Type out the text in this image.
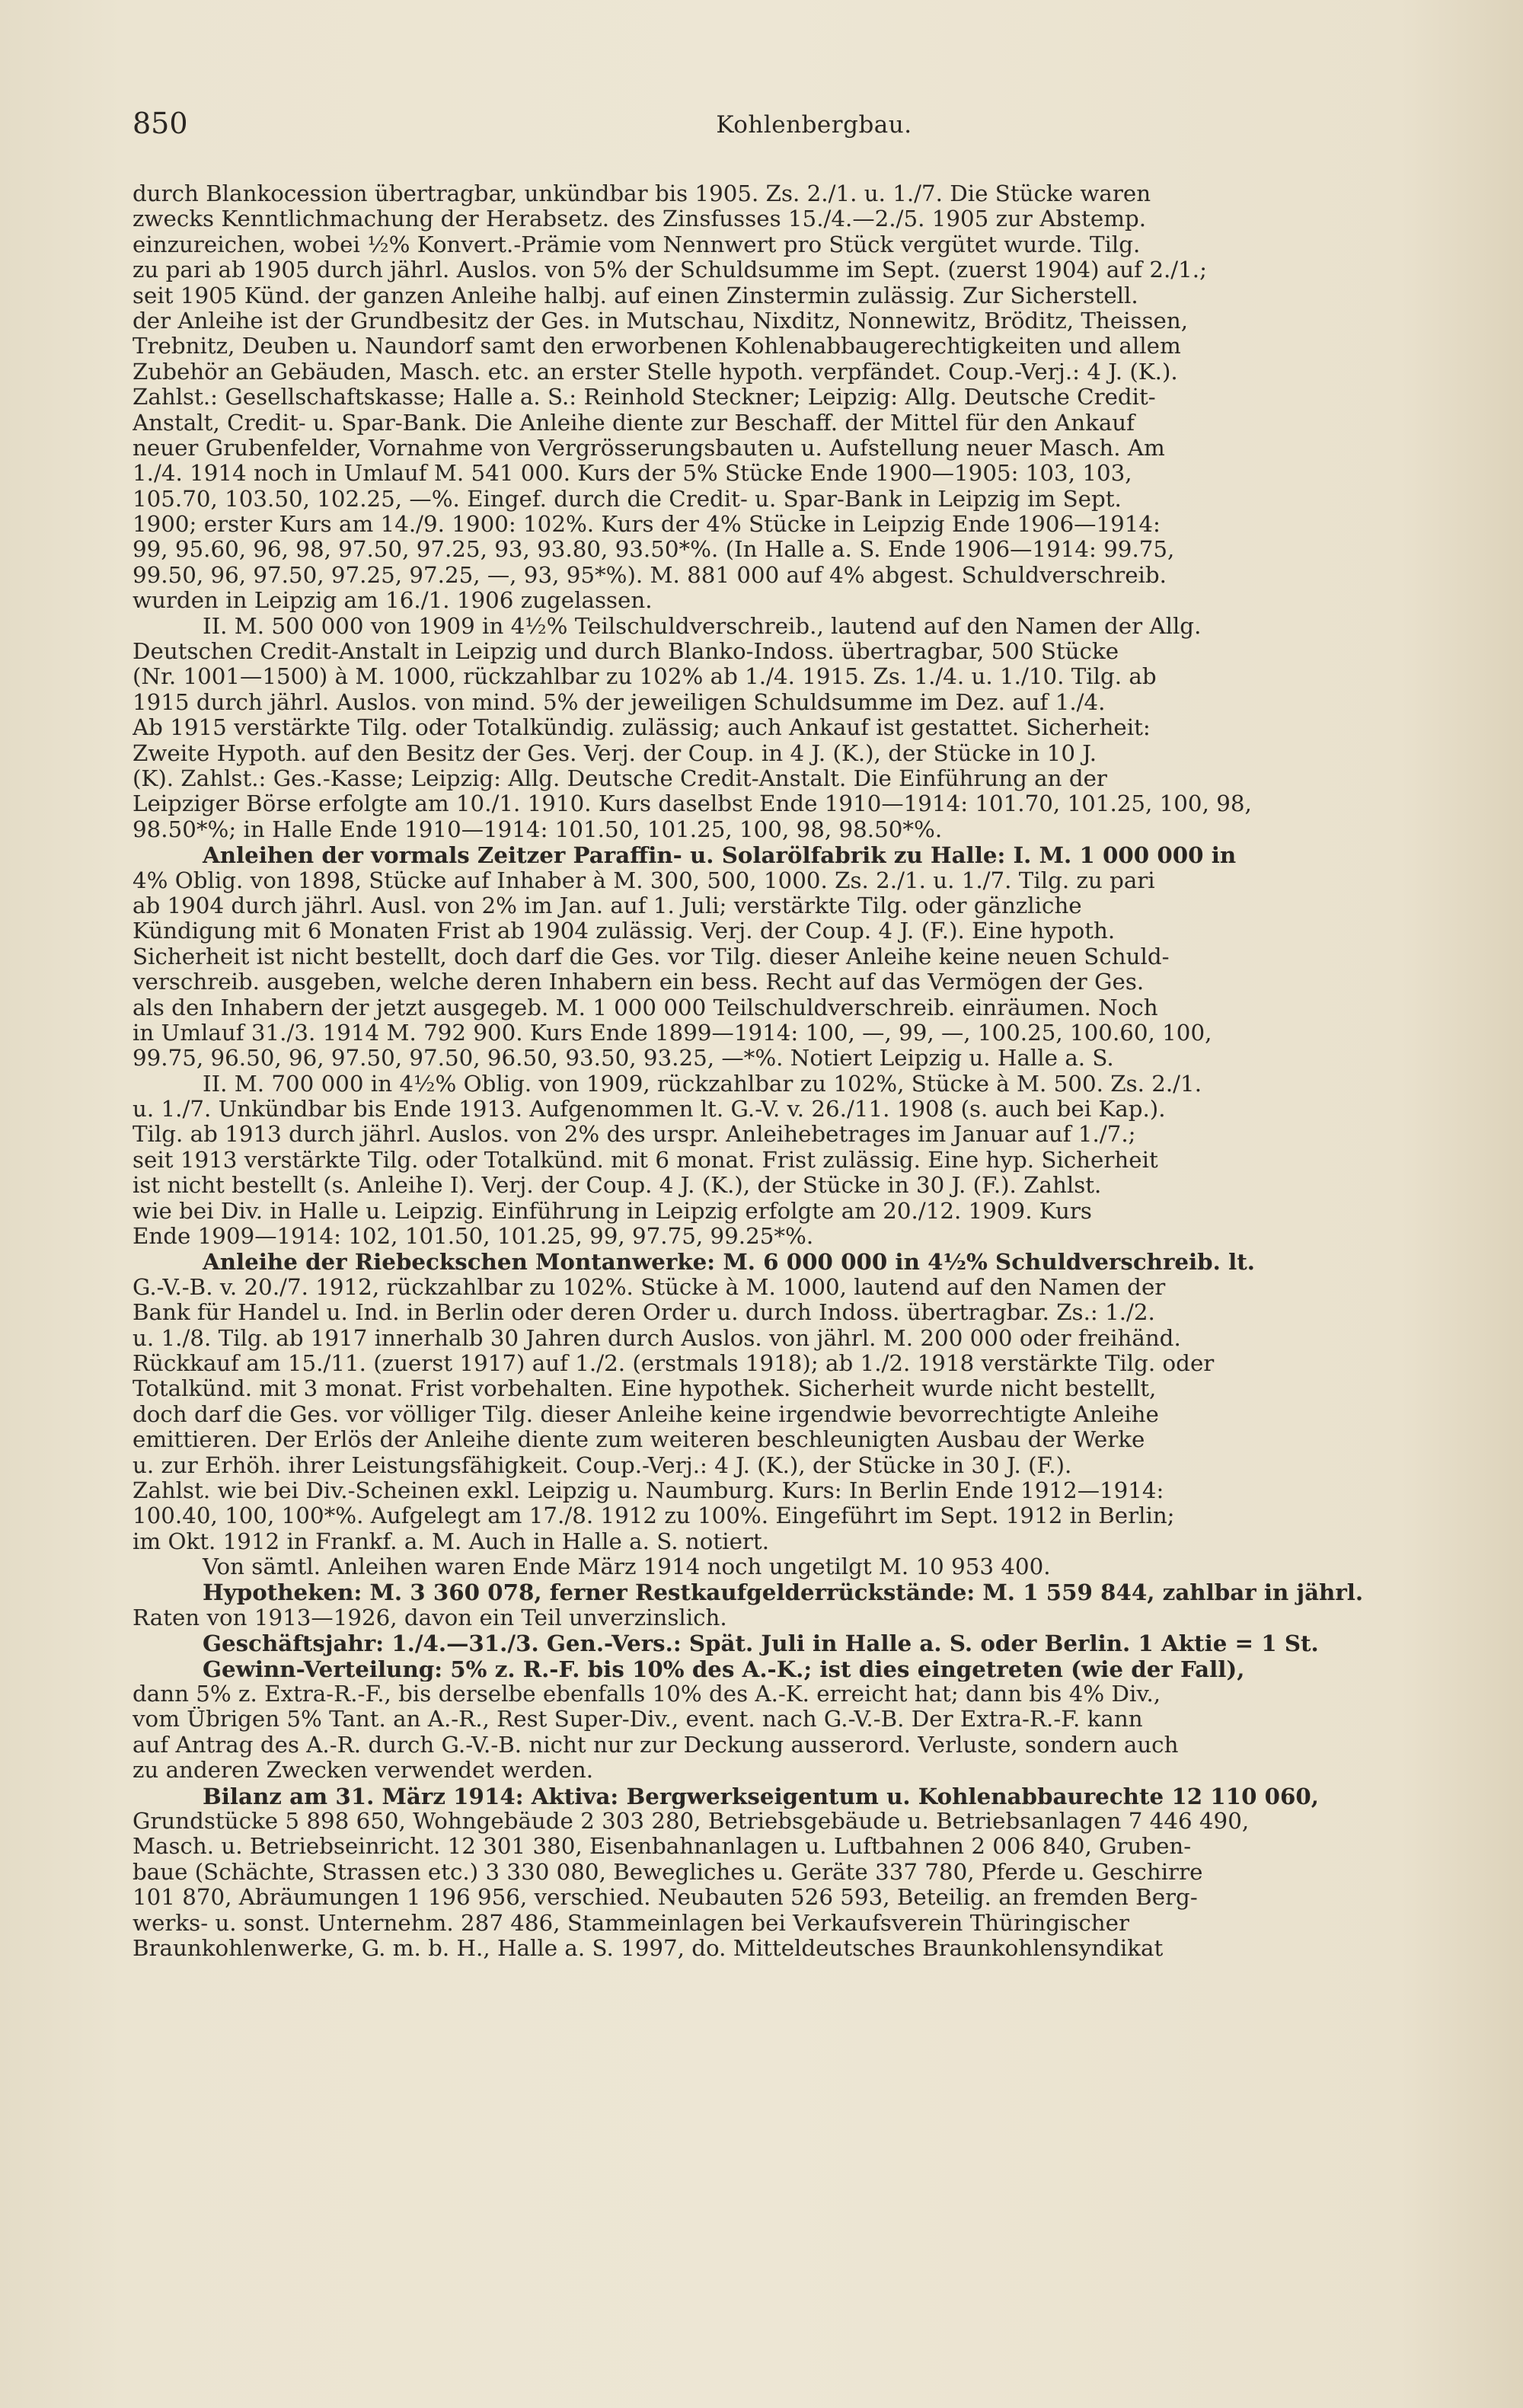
850	Kohlenbergbau.
durch Blankocession übertragbar, unkündbar bis 1905. Zs. 2./1. u. 1./7. Die Stücke waren
zwecks Kenntlichmachung der Herabsetz. des Zinsfusses 15./4.—2./5. 1905 zur Abstemp.
einzureichen, wobei ½% Konvert.-Prämie vom Nennwert pro Stück vergütet wurde. Tilg.
zu pari ab 1905 durch jährl. Auslos. von 5% der Schuldsumme im Sept. (zuerst 1904) auf 2./1.;
seit 1905 Künd. der ganzen Anleihe halbj. auf einen Zinstermin zulässig. Zur Sicherstell.
der Anleihe ist der Grundbesitz der Ges. in Mutschau, Nixditz, Nonnewitz, Bröditz, Theissen,
Trebnitz, Deuben u. Naundorf samt den erworbenen Kohlenabbaugerechtigkeiten und allem
Zubehör an Gebäuden, Masch. etc. an erster Stelle hypoth. verpfändet. Coup.-Verj.: 4 J. (K.).
Zahlst.: Gesellschaftskasse; Halle a. S.: Reinhold Steckner; Leipzig: Allg. Deutsche Credit-
Anstalt, Credit- u. Spar-Bank. Die Anleihe diente zur Beschaff. der Mittel für den Ankauf
neuer Grubenfelder, Vornahme von Vergrösserungsbauten u. Aufstellung neuer Masch. Am
1./4. 1914 noch in Umlauf M. 541 000. Kurs der 5% Stücke Ende 1900—1905: 103, 103,
105.70, 103.50, 102.25, —%. Eingef. durch die Credit- u. Spar-Bank in Leipzig im Sept.
1900; erster Kurs am 14./9. 1900: 102%. Kurs der 4% Stücke in Leipzig Ende 1906—1914:
99, 95.60, 96, 98, 97.50, 97.25, 93, 93.80, 93.50*%. (In Halle a. S. Ende 1906—1914: 99.75,
99.50, 96, 97.50, 97.25, 97.25, —, 93, 95*%). M. 881 000 auf 4% abgest. Schuldverschreib.
wurden in Leipzig am 16./1. 1906 zugelassen.
II. M. 500 000 von 1909 in 4½% Teilschuldverschreib., lautend auf den Namen der Allg.
Deutschen Credit-Anstalt in Leipzig und durch Blanko-Indoss. übertragbar, 500 Stücke
(Nr. 1001—1500) à M. 1000, rückzahlbar zu 102% ab 1./4. 1915. Zs. 1./4. u. 1./10. Tilg. ab
1915 durch jährl. Auslos. von mind. 5% der jeweiligen Schuldsumme im Dez. auf 1./4.
Ab 1915 verstärkte Tilg. oder Totalkündig. zulässig; auch Ankauf ist gestattet. Sicherheit:
Zweite Hypoth. auf den Besitz der Ges. Verj. der Coup. in 4 J. (K.), der Stücke in 10 J.
(K). Zahlst.: Ges.-Kasse; Leipzig: Allg. Deutsche Credit-Anstalt. Die Einführung an der
Leipziger Börse erfolgte am 10./1. 1910. Kurs daselbst Ende 1910—1914: 101.70, 101.25, 100, 98,
98.50*%; in Halle Ende 1910—1914: 101.50, 101.25, 100, 98, 98.50*%.
Anleihen der vormals Zeitzer Paraffin- u. Solarölfabrik zu Halle: I. M. 1 000 000 in
4% Oblig. von 1898, Stücke auf Inhaber à M. 300, 500, 1000. Zs. 2./1. u. 1./7. Tilg. zu pari
ab 1904 durch jährl. Ausl. von 2% im Jan. auf 1. Juli; verstärkte Tilg. oder gänzliche
Kündigung mit 6 Monaten Frist ab 1904 zulässig. Verj. der Coup. 4 J. (F.). Eine hypoth.
Sicherheit ist nicht bestellt, doch darf die Ges. vor Tilg. dieser Anleihe keine neuen Schuld-
verschreib. ausgeben, welche deren Inhabern ein bess. Recht auf das Vermögen der Ges.
als den Inhabern der jetzt ausgegeb. M. 1 000 000 Teilschuldverschreib. einräumen. Noch
in Umlauf 31./3. 1914 M. 792 900. Kurs Ende 1899—1914: 100, —, 99, —, 100.25, 100.60, 100,
99.75, 96.50, 96, 97.50, 97.50, 96.50, 93.50, 93.25, —*%. Notiert Leipzig u. Halle a. S.
II. M. 700 000 in 4½% Oblig. von 1909, rückzahlbar zu 102%, Stücke à M. 500. Zs. 2./1.
u. 1./7. Unkündbar bis Ende 1913. Aufgenommen lt. G.-V. v. 26./11. 1908 (s. auch bei Kap.).
Tilg. ab 1913 durch jährl. Auslos. von 2% des urspr. Anleihebetrages im Januar auf 1./7.;
seit 1913 verstärkte Tilg. oder Totalkünd. mit 6 monat. Frist zulässig. Eine hyp. Sicherheit
ist nicht bestellt (s. Anleihe I). Verj. der Coup. 4 J. (K.), der Stücke in 30 J. (F.). Zahlst.
wie bei Div. in Halle u. Leipzig. Einführung in Leipzig erfolgte am 20./12. 1909. Kurs
Ende 1909—1914: 102, 101.50, 101.25, 99, 97.75, 99.25*%.
Anleihe der Riebeckschen Montanwerke: M. 6 000 000 in 4½% Schuldverschreib. lt.
G.-V.-B. v. 20./7. 1912, rückzahlbar zu 102%. Stücke à M. 1000, lautend auf den Namen der
Bank für Handel u. Ind. in Berlin oder deren Order u. durch Indoss. übertragbar. Zs.: 1./2.
u. 1./8. Tilg. ab 1917 innerhalb 30 Jahren durch Auslos. von jährl. M. 200 000 oder freihänd.
Rückkauf am 15./11. (zuerst 1917) auf 1./2. (erstmals 1918); ab 1./2. 1918 verstärkte Tilg. oder
Totalkünd. mit 3 monat. Frist vorbehalten. Eine hypothek. Sicherheit wurde nicht bestellt,
doch darf die Ges. vor völliger Tilg. dieser Anleihe keine irgendwie bevorrechtigte Anleihe
emittieren. Der Erlös der Anleihe diente zum weiteren beschleunigten Ausbau der Werke
u. zur Erhöh. ihrer Leistungsfähigkeit. Coup.-Verj.: 4 J. (K.), der Stücke in 30 J. (F.).
Zahlst. wie bei Div.-Scheinen exkl. Leipzig u. Naumburg. Kurs: In Berlin Ende 1912—1914:
100.40, 100, 100*%. Aufgelegt am 17./8. 1912 zu 100%. Eingeführt im Sept. 1912 in Berlin;
im Okt. 1912 in Frankf. a. M. Auch in Halle a. S. notiert.
Von sämtl. Anleihen waren Ende März 1914 noch ungetilgt M. 10 953 400.
Hypotheken: M. 3 360 078, ferner Restkaufgelderrückstände: M. 1 559 844, zahlbar in jährl.
Raten von 1913—1926, davon ein Teil unverzinslich.
Geschäftsjahr: 1./4.—31./3. Gen.-Vers.: Spät. Juli in Halle a. S. oder Berlin. 1 Aktie = 1 St.
Gewinn-Verteilung: 5% z. R.-F. bis 10% des A.-K.; ist dies eingetreten (wie der Fall),
dann 5% z. Extra-R.-F., bis derselbe ebenfalls 10% des A.-K. erreicht hat; dann bis 4% Div.,
vom Übrigen 5% Tant. an A.-R., Rest Super-Div., event. nach G.-V.-B. Der Extra-R.-F. kann
auf Antrag des A.-R. durch G.-V.-B. nicht nur zur Deckung ausserord. Verluste, sondern auch
zu anderen Zwecken verwendet werden.
Bilanz am 31. März 1914: Aktiva: Bergwerkseigentum u. Kohlenabbaurechte 12 110 060,
Grundstücke 5 898 650, Wohngebäude 2 303 280, Betriebsgebäude u. Betriebsanlagen 7 446 490,
Masch. u. Betriebseinricht. 12 301 380, Eisenbahnanlagen u. Luftbahnen 2 006 840, Gruben-
baue (Schächte, Strassen etc.) 3 330 080, Bewegliches u. Geräte 337 780, Pferde u. Geschirre
101 870, Abräumungen 1 196 956, verschied. Neubauten 526 593, Beteilig. an fremden Berg-
werks- u. sonst. Unternehm. 287 486, Stammeinlagen bei Verkaufsverein Thüringischer
Braunkohlenwerke, G. m. b. H., Halle a. S. 1997, do. Mitteldeutsches Braunkohlensyndikat
